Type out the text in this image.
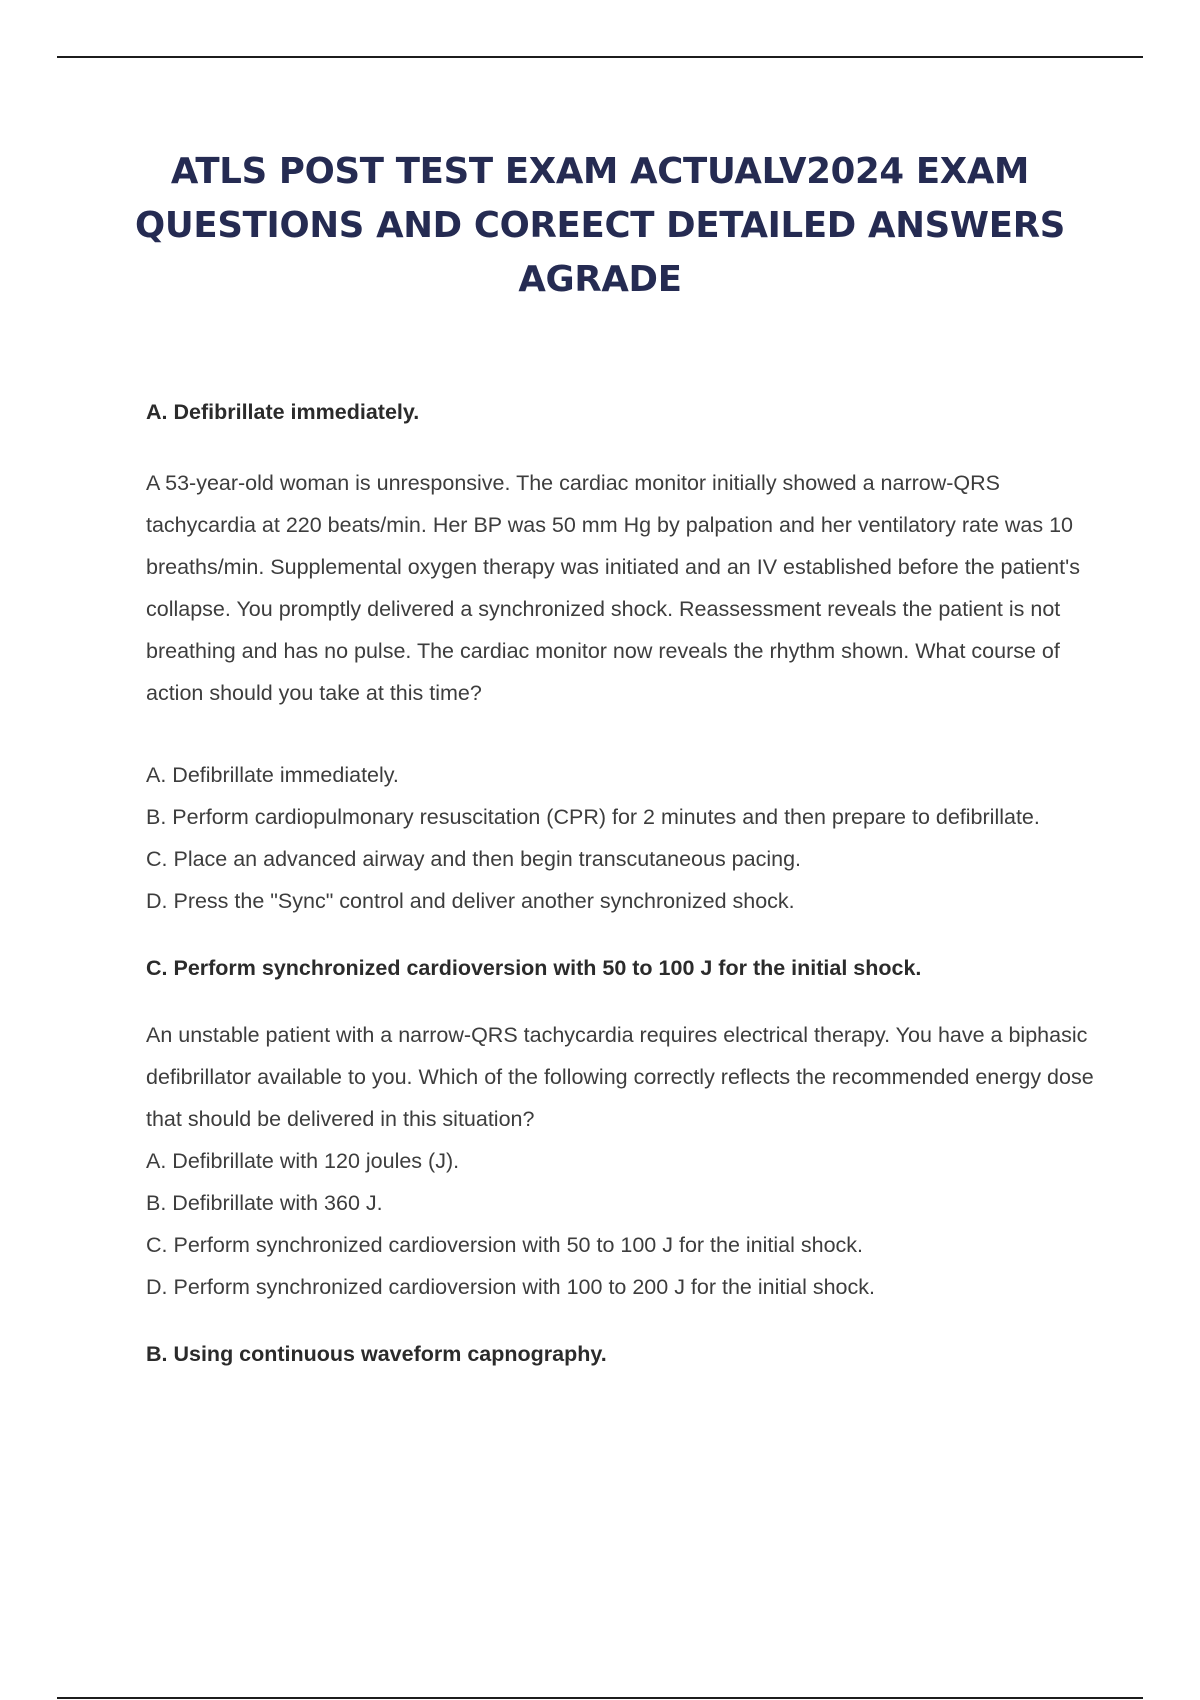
ATLS POST TEST EXAM ACTUALV2024 EXAM QUESTIONS AND COREECT DETAILED ANSWERS AGRADE

A. Defibrillate immediately.

A 53-year-old woman is unresponsive. The cardiac monitor initially showed a narrow-QRS tachycardia at 220 beats/min. Her BP was 50 mm Hg by palpation and her ventilatory rate was 10 breaths/min. Supplemental oxygen therapy was initiated and an IV established before the patient's collapse. You promptly delivered a synchronized shock. Reassessment reveals the patient is not breathing and has no pulse. The cardiac monitor now reveals the rhythm shown. What course of action should you take at this time?

A. Defibrillate immediately.

B. Perform cardiopulmonary resuscitation (CPR) for 2 minutes and then prepare to defibrillate.

C. Place an advanced airway and then begin transcutaneous pacing.

D. Press the "Sync" control and deliver another synchronized shock.

C. Perform synchronized cardioversion with 50 to 100 J for the initial shock.

An unstable patient with a narrow-QRS tachycardia requires electrical therapy. You have a biphasic defibrillator available to you. Which of the following correctly reflects the recommended energy dose that should be delivered in this situation?

A. Defibrillate with 120 joules (J).

B. Defibrillate with 360 J.

C. Perform synchronized cardioversion with 50 to 100 J for the initial shock.

D. Perform synchronized cardioversion with 100 to 200 J for the initial shock.

B. Using continuous waveform capnography.
